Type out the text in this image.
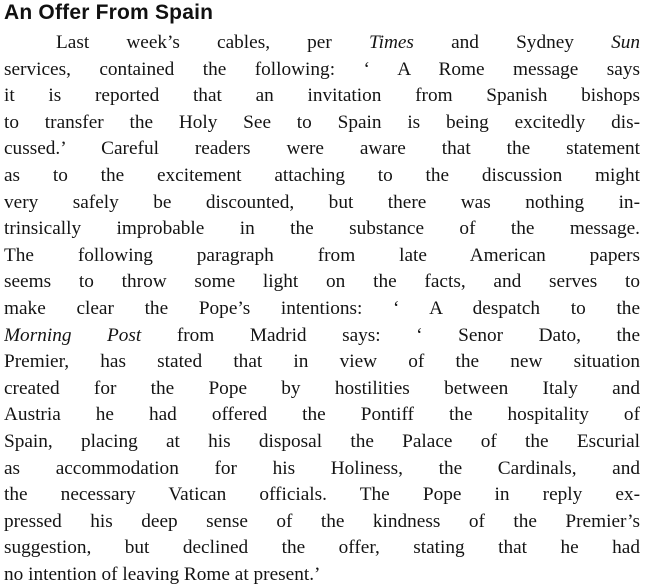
An Offer From Spain
Last week’s cables, per Times and Sydney Sun
services, contained the following: ‘ A Rome message says
it is reported that an invitation from Spanish bishops
to transfer the Holy See to Spain is being excitedly dis-
cussed.’ Careful readers were aware that the statement
as to the excitement attaching to the discussion might
very safely be discounted, but there was nothing in-
trinsically improbable in the substance of the message.
The following paragraph from late American papers
seems to throw some light on the facts, and serves to
make clear the Pope’s intentions: ‘ A despatch to the
Morning Post from Madrid says: ‘ Senor Dato, the
Premier, has stated that in view of the new situation
created for the Pope by hostilities between Italy and
Austria he had offered the Pontiff the hospitality of
Spain, placing at his disposal the Palace of the Escurial
as accommodation for his Holiness, the Cardinals, and
the necessary Vatican officials. The Pope in reply ex-
pressed his deep sense of the kindness of the Premier’s
suggestion, but declined the offer, stating that he had
no intention of leaving Rome at present.’
